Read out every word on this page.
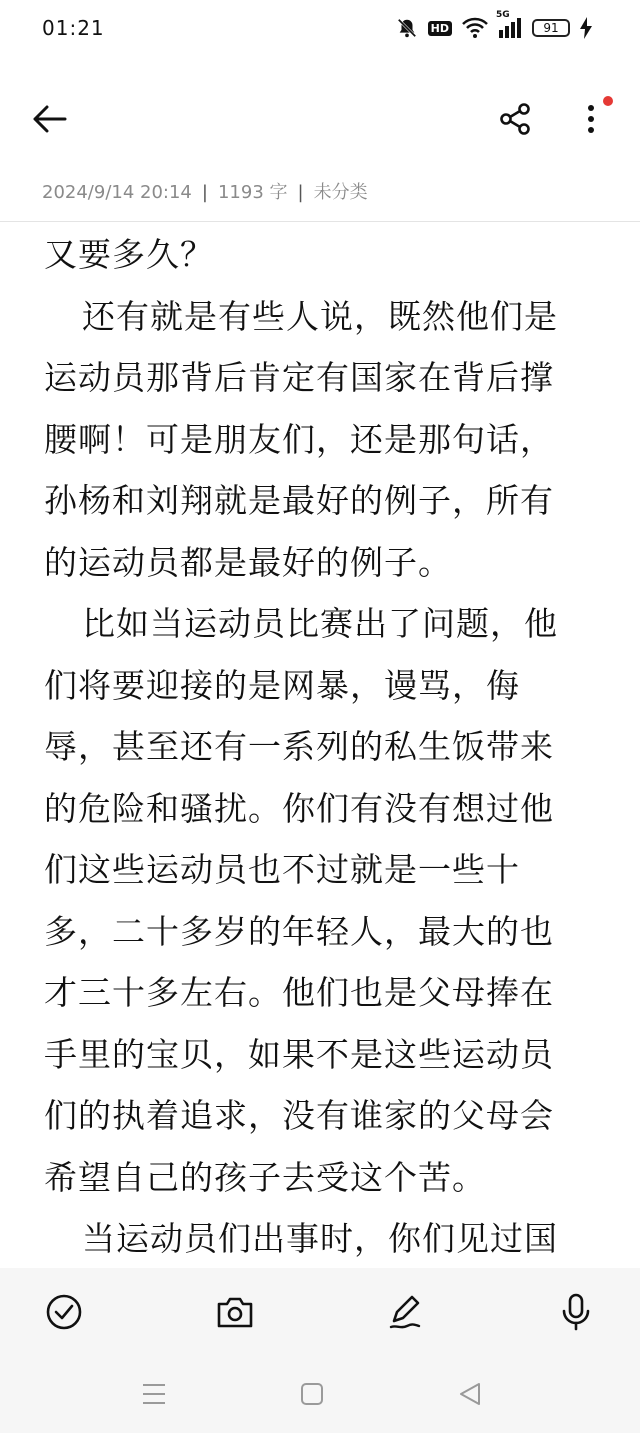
01:21	HD
5G
91
2024/9/14 20:14 | 1193 字 | 未分类

又要多久？

还有就是有些人说，既然他们是运动员那背后肯定有国家在背后撑腰啊！可是朋友们，还是那句话，孙杨和刘翔就是最好的例子，所有的运动员都是最好的例子。

比如当运动员比赛出了问题，他们将要迎接的是网暴，谩骂，侮辱，甚至还有一系列的私生饭带来的危险和骚扰。你们有没有想过他们这些运动员也不过就是一些十多，二十多岁的年轻人，最大的也才三十多左右。他们也是父母捧在手里的宝贝，如果不是这些运动员们的执着追求，没有谁家的父母会希望自己的孩子去受这个苦。

当运动员们出事时，你们见过国
